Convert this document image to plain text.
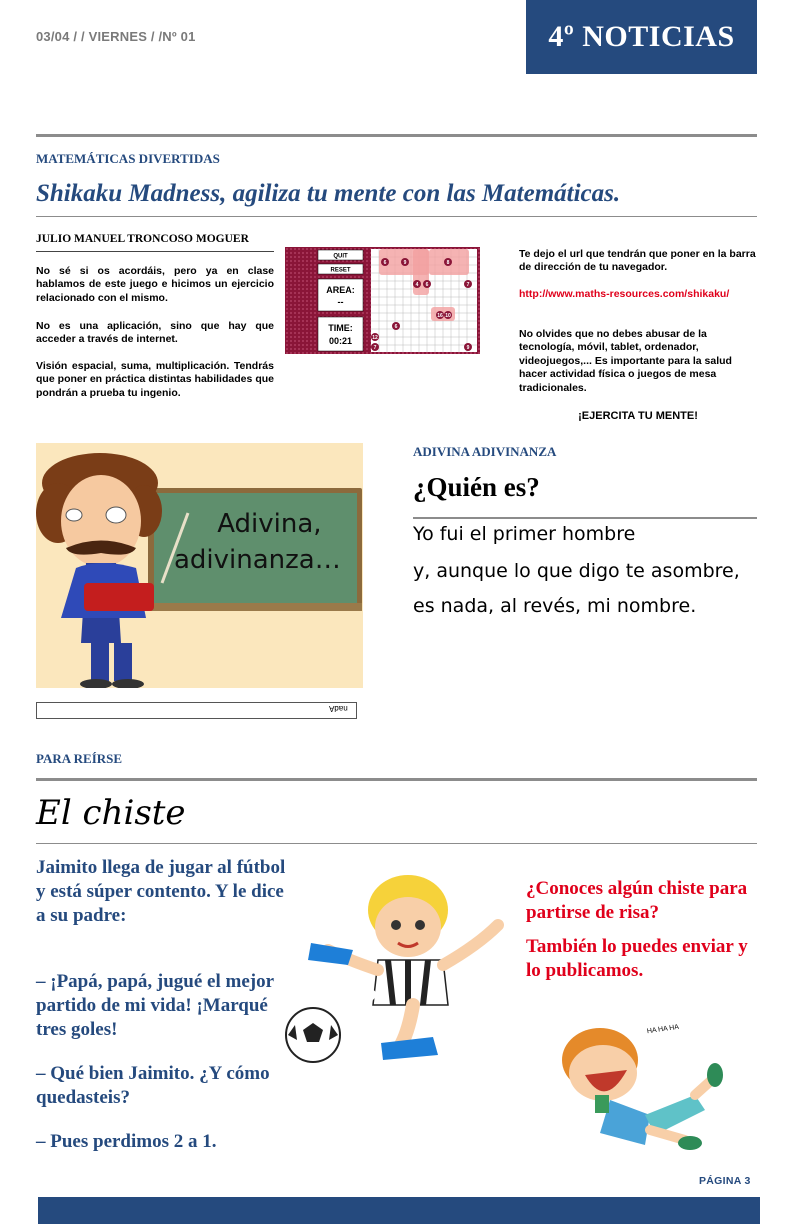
03/04 / / VIERNES / /Nº 01	4º NOTICIAS
MATEMÁTICAS DIVERTIDAS
Shikaku Madness, agiliza tu mente con las Matemáticas.
JULIO MANUEL TRONCOSO MOGUER
No sé si os acordáis, pero ya en clase hablamos de este juego e hicimos un ejercicio relacionado con el mismo.
No es una aplicación, sino que hay que acceder a través de internet.
Visión espacial, suma, multiplicación. Tendrás que poner en práctica distintas habilidades que pondrán a prueba tu ingenio.
QUIT
RESET
AREA:
--
TIME:
00:21
6	9	8
4 6	7
6
16 10
12
9
7
Te dejo el url que tendrán que poner en la barra de dirección de tu navegador.
http://www.maths-resources.com/shikaku/
No olvides que no debes abusar de la tecnología, móvil, tablet, ordenador, videojuegos,... Es importante para la salud hacer actividad física o juegos de mesa tradicionales.
¡EJERCITA TU MENTE!
Adivina,
adivinanza…
nadA
ADIVINA ADIVINANZA
¿Quién es?
Yo fui el primer hombre
y, aunque lo que digo te asombre,
es nada, al revés, mi nombre.
PARA REÍRSE
El chiste
Jaimito llega de jugar al fútbol y está súper contento. Y le dice a su padre:
– ¡Papá, papá, jugué el mejor partido de mi vida! ¡Marqué tres goles!
– Qué bien Jaimito. ¿Y cómo quedasteis?
– Pues perdimos 2 a 1.
¿Conoces algún chiste para partirse de risa?
También lo puedes enviar y lo publicamos.
HA HA HA
PÁGINA 3
